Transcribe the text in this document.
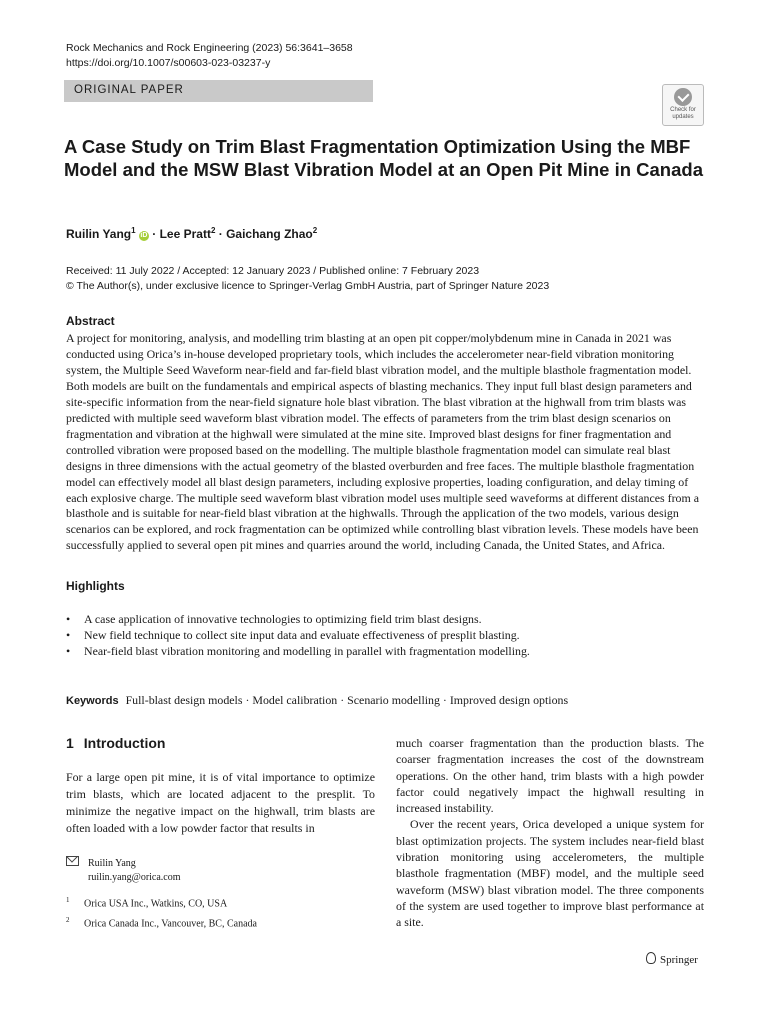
Rock Mechanics and Rock Engineering (2023) 56:3641–3658
https://doi.org/10.1007/s00603-023-03237-y
ORIGINAL PAPER
Check for
updates
A Case Study on Trim Blast Fragmentation Optimization Using the MBF Model and the MSW Blast Vibration Model at an Open Pit Mine in Canada
Ruilin Yang$^1$ iD · Lee Pratt$^2$ · Gaichang Zhao$^2$
Received: 11 July 2022 / Accepted: 12 January 2023 / Published online: 7 February 2023
© The Author(s), under exclusive licence to Springer-Verlag GmbH Austria, part of Springer Nature 2023
Abstract
A project for monitoring, analysis, and modelling trim blasting at an open pit copper/molybdenum mine in Canada in 2021 was conducted using Orica’s in-house developed proprietary tools, which includes the accelerometer near-field vibration monitoring system, the Multiple Seed Waveform near-field and far-field blast vibration model, and the multiple blasthole fragmentation model. Both models are built on the fundamentals and empirical aspects of blasting mechanics. They input full blast design parameters and site-specific information from the near-field signature hole blast vibration. The blast vibration at the highwall from trim blasts was predicted with multiple seed waveform blast vibration model. The effects of parameters from the trim blast design scenarios on fragmentation and vibration at the highwall were simulated at the mine site. Improved blast designs for finer fragmentation and controlled vibration were proposed based on the modelling. The multiple blasthole fragmentation model can simulate real blast designs in three dimensions with the actual geometry of the blasted overburden and free faces. The multiple blasthole fragmentation model can effectively model all blast design parameters, including explosive properties, loading configuration, and delay timing of each explosive charge. The multiple seed waveform blast vibration model uses multiple seed waveforms at different distances from a blasthole and is suitable for near-field blast vibration at the highwalls. Through the application of the two models, various design scenarios can be explored, and rock fragmentation can be optimized while controlling blast vibration levels. These models have been successfully applied to several open pit mines and quarries around the world, including Canada, the United States, and Africa.
Highlights
• A case application of innovative technologies to optimizing field trim blast designs.
• New field technique to collect site input data and evaluate effectiveness of presplit blasting.
• Near-field blast vibration monitoring and modelling in parallel with fragmentation modelling.
Keywords Full-blast design models · Model calibration · Scenario modelling · Improved design options
1 Introduction
For a large open pit mine, it is of vital importance to optimize trim blasts, which are located adjacent to the presplit. To minimize the negative impact on the highwall, trim blasts are often loaded with a low powder factor that results in

much coarser fragmentation than the production blasts. The coarser fragmentation increases the cost of the downstream operations. On the other hand, trim blasts with a high powder factor could negatively impact the highwall resulting in increased instability.

Over the recent years, Orica developed a unique system for blast optimization projects. The system includes near-field blast vibration monitoring using accelerometers, the multiple blasthole fragmentation (MBF) model, and the multiple seed waveform (MSW) blast vibration model. The three components of the system are used together to improve blast performance at a site.

Ruilin Yang
ruilin.yang@orica.com
$^1$ Orica USA Inc., Watkins, CO, USA
$^2$ Orica Canada Inc., Vancouver, BC, Canada
Springer
